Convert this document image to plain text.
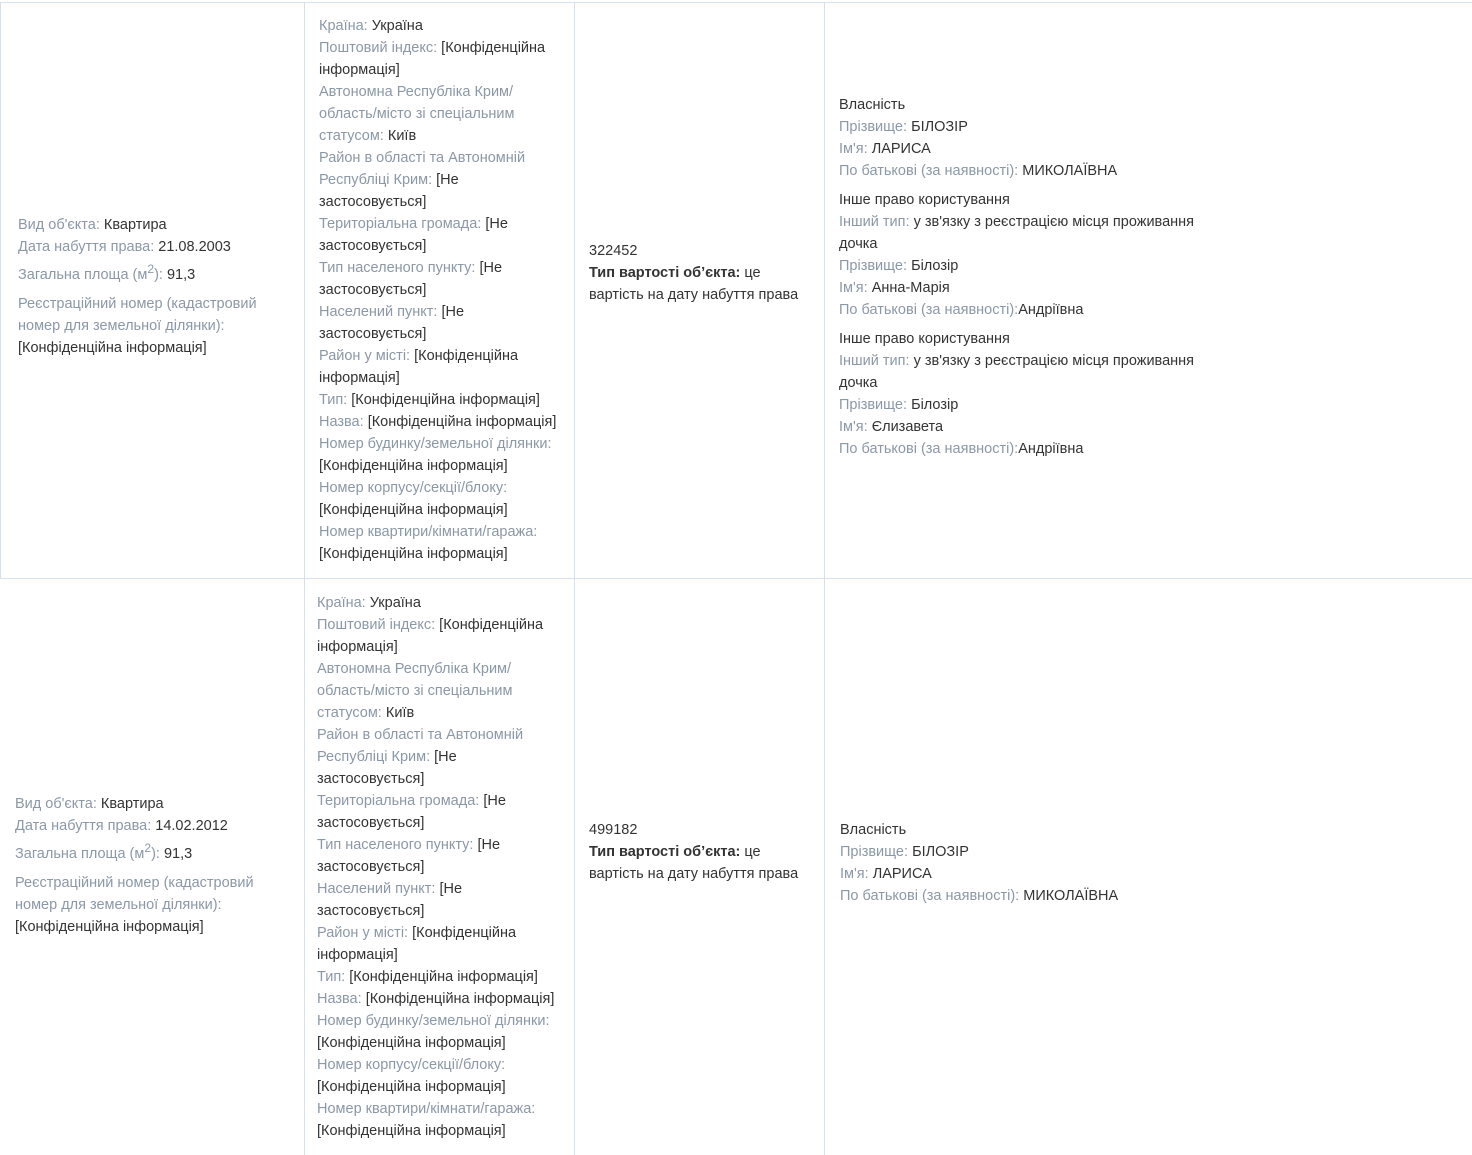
Вид об'єкта: Квартира

Дата набуття права: 21.08.2003

Загальна площа $(м^2)$: 91,3

Реєстраційний номер (кадастровий номер для земельної ділянки):
[Конфіденційна інформація]

Країна: Україна

Поштовий індекс: [Конфіденційна інформація]

Автономна Республіка Крим/ область/місто зі спеціальним статусом: Київ

Район в області та Автономній Республіці Крим: [Не застосовується]

Територіальна громада: [Не застосовується]

Тип населеного пункту: [Не застосовується]

Населений пункт: [Не застосовується]

Район у місті: [Конфіденційна інформація]

Тип: [Конфіденційна інформація]

Назва: [Конфіденційна інформація]

Номер будинку/земельної ділянки: [Конфіденційна інформація]

Номер корпусу/секції/блоку: [Конфіденційна інформація]

Номер квартири/кімнати/гаража: [Конфіденційна інформація]

322452

Тип вартості об’єкта: це вартість на дату набуття права

Власність

Прізвище: БІЛОЗІР

Ім'я: ЛАРИСА

По батькові (за наявності): МИКОЛАЇВНА

Інше право користування

Інший тип: у зв'язку з реєстрацією місця проживання

дочка

Прізвище: Білозір

Ім'я: Анна-Марія

По батькові (за наявності):Андріївна

Інше право користування

Інший тип: у зв'язку з реєстрацією місця проживання

дочка

Прізвище: Білозір

Ім'я: Єлизавета

По батькові (за наявності):Андріївна

Вид об'єкта: Квартира

Дата набуття права: 14.02.2012

Загальна площа $(м^2)$: 91,3

Реєстраційний номер (кадастровий номер для земельної ділянки):
[Конфіденційна інформація]

Країна: Україна

Поштовий індекс: [Конфіденційна інформація]

Автономна Республіка Крим/ область/місто зі спеціальним статусом: Київ

Район в області та Автономній Республіці Крим: [Не застосовується]

Територіальна громада: [Не застосовується]

Тип населеного пункту: [Не застосовується]

Населений пункт: [Не застосовується]

Район у місті: [Конфіденційна інформація]

Тип: [Конфіденційна інформація]

Назва: [Конфіденційна інформація]

Номер будинку/земельної ділянки: [Конфіденційна інформація]

Номер корпусу/секції/блоку: [Конфіденційна інформація]

Номер квартири/кімнати/гаража: [Конфіденційна інформація]

499182

Тип вартості об’єкта: це вартість на дату набуття права

Власність

Прізвище: БІЛОЗІР

Ім'я: ЛАРИСА

По батькові (за наявності): МИКОЛАЇВНА
